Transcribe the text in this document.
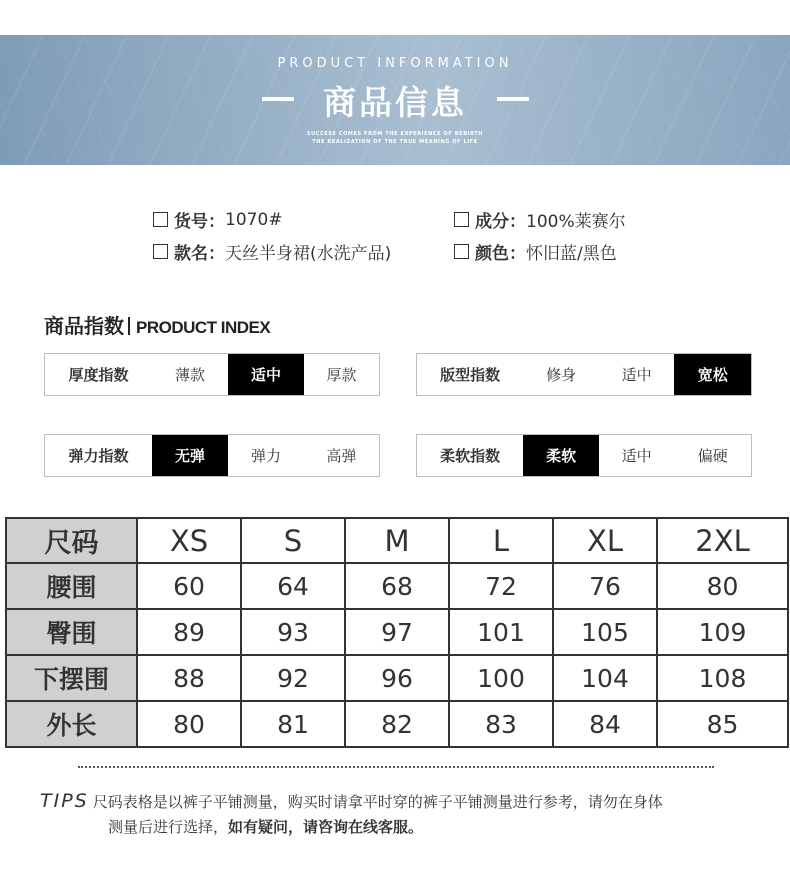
PRODUCT INFORMATION
商品信息
SUCCESS COMES FROM THE EXPERIENCE OF REBIRTH
THE REALIZATION OF THE TRUE MEANING OF LIFE
货号： 1070#
款名： 天丝半身裙(水洗产品)
成分： 100%莱赛尔
颜色： 怀旧蓝/黑色
商品指数 PRODUCT INDEX
厚度指数	薄款	适中	厚款	版型指数	修身	适中	宽松
弹力指数	无弹	弹力	高弹	柔软指数	柔软	适中	偏硬
尺码	XS	S	M	L	XL	2XL
腰围	60	64	68	72	76	80
臀围	89	93	97	101	105	109
下摆围	88	92	96	100	104	108
外长	80	81	82	83	84	85
TIPS 尺码表格是以裤子平铺测量，购买时请拿平时穿的裤子平铺测量进行参考，请勿在身体
测量后进行选择，如有疑问，请咨询在线客服。
